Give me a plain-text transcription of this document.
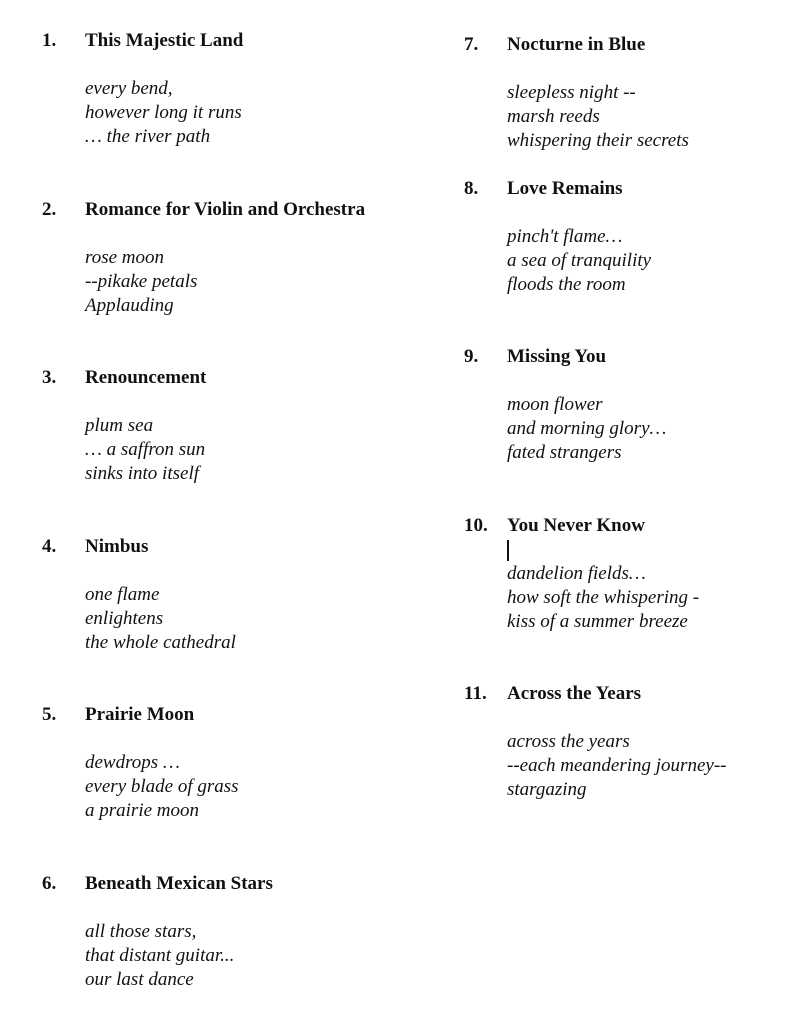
1. This Majestic Land
every bend,
however long it runs
… the river path
2. Romance for Violin and Orchestra
rose moon
--pikake petals
Applauding
3. Renouncement
plum sea
… a saffron sun
sinks into itself
4. Nimbus
one flame
enlightens
the whole cathedral
5. Prairie Moon
dewdrops …
every blade of grass
a prairie moon
6. Beneath Mexican Stars
all those stars,
that distant guitar...
our last dance
7. Nocturne in Blue
sleepless night --
marsh reeds
whispering their secrets
8. Love Remains
pinch't flame…
a sea of tranquility
floods the room
9. Missing You
moon flower
and morning glory…
fated strangers
10. You Never Know
dandelion fields…
how soft the whispering -
kiss of a summer breeze
11. Across the Years
across the years
--each meandering journey--
stargazing
